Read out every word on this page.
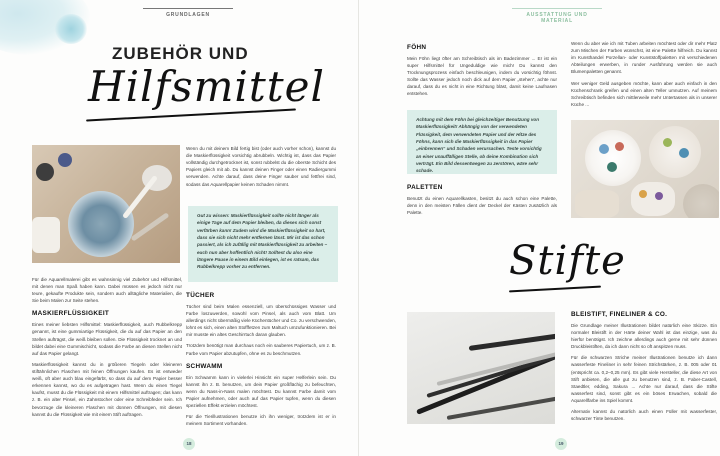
GRUNDLAGEN
ZUBEHÖR UND
Hilfsmittel

Für die Aquarellmalerei gibt es wahnsinnig viel Zubehör und Hilfsmittel, mit denen man Spaß haben kann. Dabei müssen es jedoch nicht nur teure, gekaufte Produkte sein, sondern auch alltägliche Materialien, die Sie beim Malen zur Seite stehen.

MASKIERFLÜSSIGKEIT

Eines meiner liebsten Hilfsmittel: Maskierflüssigkeit, auch Rubbelkrepp genannt, ist eine gummiartige Flüssigkeit, die du auf das Papier an den Stellen aufträgst, die weiß bleiben sollen. Die Flüssigkeit trocknet an und bildet dabei eine Gummischicht, sodass die Farbe an diesen Stellen nicht auf das Papier gelangt.

Maskierflüssigkeit kannst du in größeren Tiegeln oder kleineren stiftähnlichen Flaschen mit feinen Öffnungen kaufen. Es ist entweder weiß, oft aber auch blau eingefärbt, so dass du auf dem Papier besser erkennen kannst, wo du es aufgetragen hast. Wenn du einen Tiegel kaufst, musst du die Flüssigkeit mit einem Hilfsmittel auftragen; das kann z. B. ein alter Pinsel, ein Zahnstocher oder eine Schreibfeder sein. Ich bevorzuge die kleineren Flaschen mit dünnen Öffnungen, mit diesen kannst du die Flüssigkeit wie mit einem Stift auftragen.

Wenn du mit deinem Bild fertig bist (oder auch vorher schon), kannst du die Maskierflüssigkeit vorsichtig abrubbeln. Wichtig ist, dass das Papier vollständig durchgetrocknet ist, sonst rubbelst du die oberste Schicht des Papiers gleich mit ab. Du kannst deinen Finger oder einen Radiergummi verwenden. Achte darauf, dass deine Finger sauber und fettfrei sind, sodass das Aquarellpapier keinen Schaden nimmt.

Gut zu wissen: Maskierflüssigkeit sollte nicht länger als einige Tage auf dem Papier bleiben, da dieses sich sonst verfärben kann! Zudem wird die Maskierflüssigkeit so hart, dass sie sich nicht mehr entfernen lässt. Mir ist das schon passiert, als ich zufällig mit Maskierflüssigkeit zu arbeiten – euch nun aber hoffentlich nicht! Solltest du also eine längere Pause in einem Bild einlegen, ist es ratsam, das Rubbelkrepp vorher zu entfernen.
TÜCHER

Tücher sind beim Malen essenziell, um überschüssiges Wasser und Farbe loszuwerden, sowohl vom Pinsel, als auch vom Blatt. Um allerdings nicht übermäßig viele Küchentücher und Co. zu verschwenden, lohnt es sich, einen alten Stofffetzen zum Maltuch umzufunktionieren. Bei mir musste ein altes Geschirrtuch daran glauben.

Trotzdem benötigt man durchaus noch ein sauberes Papiertuch, um z. B. Farbe vom Papier abzutupfen, ohne es zu beschmutzen.

SCHWAMM

Ein Schwamm kann in vielerlei Hinsicht ein super Helferlein sein. Du kannst ihn z. B. benutzen, um dein Papier großflächig zu befeuchten, wenn du Nass-in-Nass malen möchtest. Du kannst Farbe damit vom Papier aufnehmen, oder auch auf das Papier tupfen, wenn du diesen speziellen Effekt erzielen möchtest.

Für die Tierillustrationen benutze ich ihn weniger, trotzdem ist er in meinem Sortiment vorhanden.

18
AUSSTATTUNG UND MATERIAL
FÖHN

Mein Föhn liegt öfter am Schreibtisch als im Badezimmer ... Er ist ein super Hilfsmittel für Ungeduldige wie mich! Du kannst den Trocknungsprozess einfach beschleunigen, indem du vorsichtig föhnst. Sollte das Wasser jedoch noch dick auf dem Papier „stehen“, achte nur darauf, dass du es nicht in eine Richtung bläst, damit keine Laufnasen entstehen.

Achtung mit dem Föhn bei gleichzeitiger Benutzung von Maskierflüssigkeit! Abhängig von der verwendeten Flüssigkeit, dem verwendeten Papier und der Hitze des Föhns, kann sich die Maskierflüssigkeit in das Papier „einbrennen“ und Schaden verursachen. Teste vorsichtig an einer unauffälligen Stelle, ob deine Kombination sich verträgt. Ein Bild dessentwegen zu zerstören, wäre sehr schade.
PALETTEN

Benutzt du einen Aquarellkasten, besitzt du auch schon eine Palette, denn in den meisten Fällen dient der Deckel der Kästen zusätzlich als Palette.

Wenn du aber wie ich mit Tuben arbeiten möchtest oder dir mehr Platz zum Mischen der Farben wünschst, ist eine Palette hilfreich. Du kannst im Kunsthandel Porzellan- oder Kunststoffpaletten mit verschiedenen Abteilungen erwerben, in runder Ausführung werden sie auch Blumenpaletten genannt.

Wer weniger Geld ausgeben möchte, kann aber auch einfach in den Küchenschrank greifen und einen alten Teller umnutzen. Auf meinem Schreibtisch befinden sich mittlerweile mehr Untertassen als in unserer Küche ...

Stifte
BLEISTIFT, FINELINER & CO.

Die Grundlage meiner Illustrationen bildet natürlich eine Skizze. Ein normaler Bleistift in der Härte deiner Wahl ist das einzige, was du hierfür benötigst. Ich zeichne allerdings auch gerne mit sehr dünnen Druckbleistiften, da ich dann nicht so oft anspitzen muss.

Für die schwarzen Striche meiner Illustrationen benutze ich dann wasserfeste Fineliner in sehr feinen Strichstärken, z. B. 005 oder 01 (entspricht ca. 0,2–0,25 mm). Es gibt viele Hersteller, die diese Art von Stift anbieten, die alle gut zu benutzen sind, z. B. Faber-Castell, Staedtler, edding, Sakura ... Achte nur darauf, dass die Stifte wasserfest sind, sonst gibt es ein böses Erwachen, sobald die Aquarellfarbe ins Spiel kommt.

Alternativ kannst du natürlich auch einen Füller mit wasserfester, schwarzer Tinte benutzen.

19
